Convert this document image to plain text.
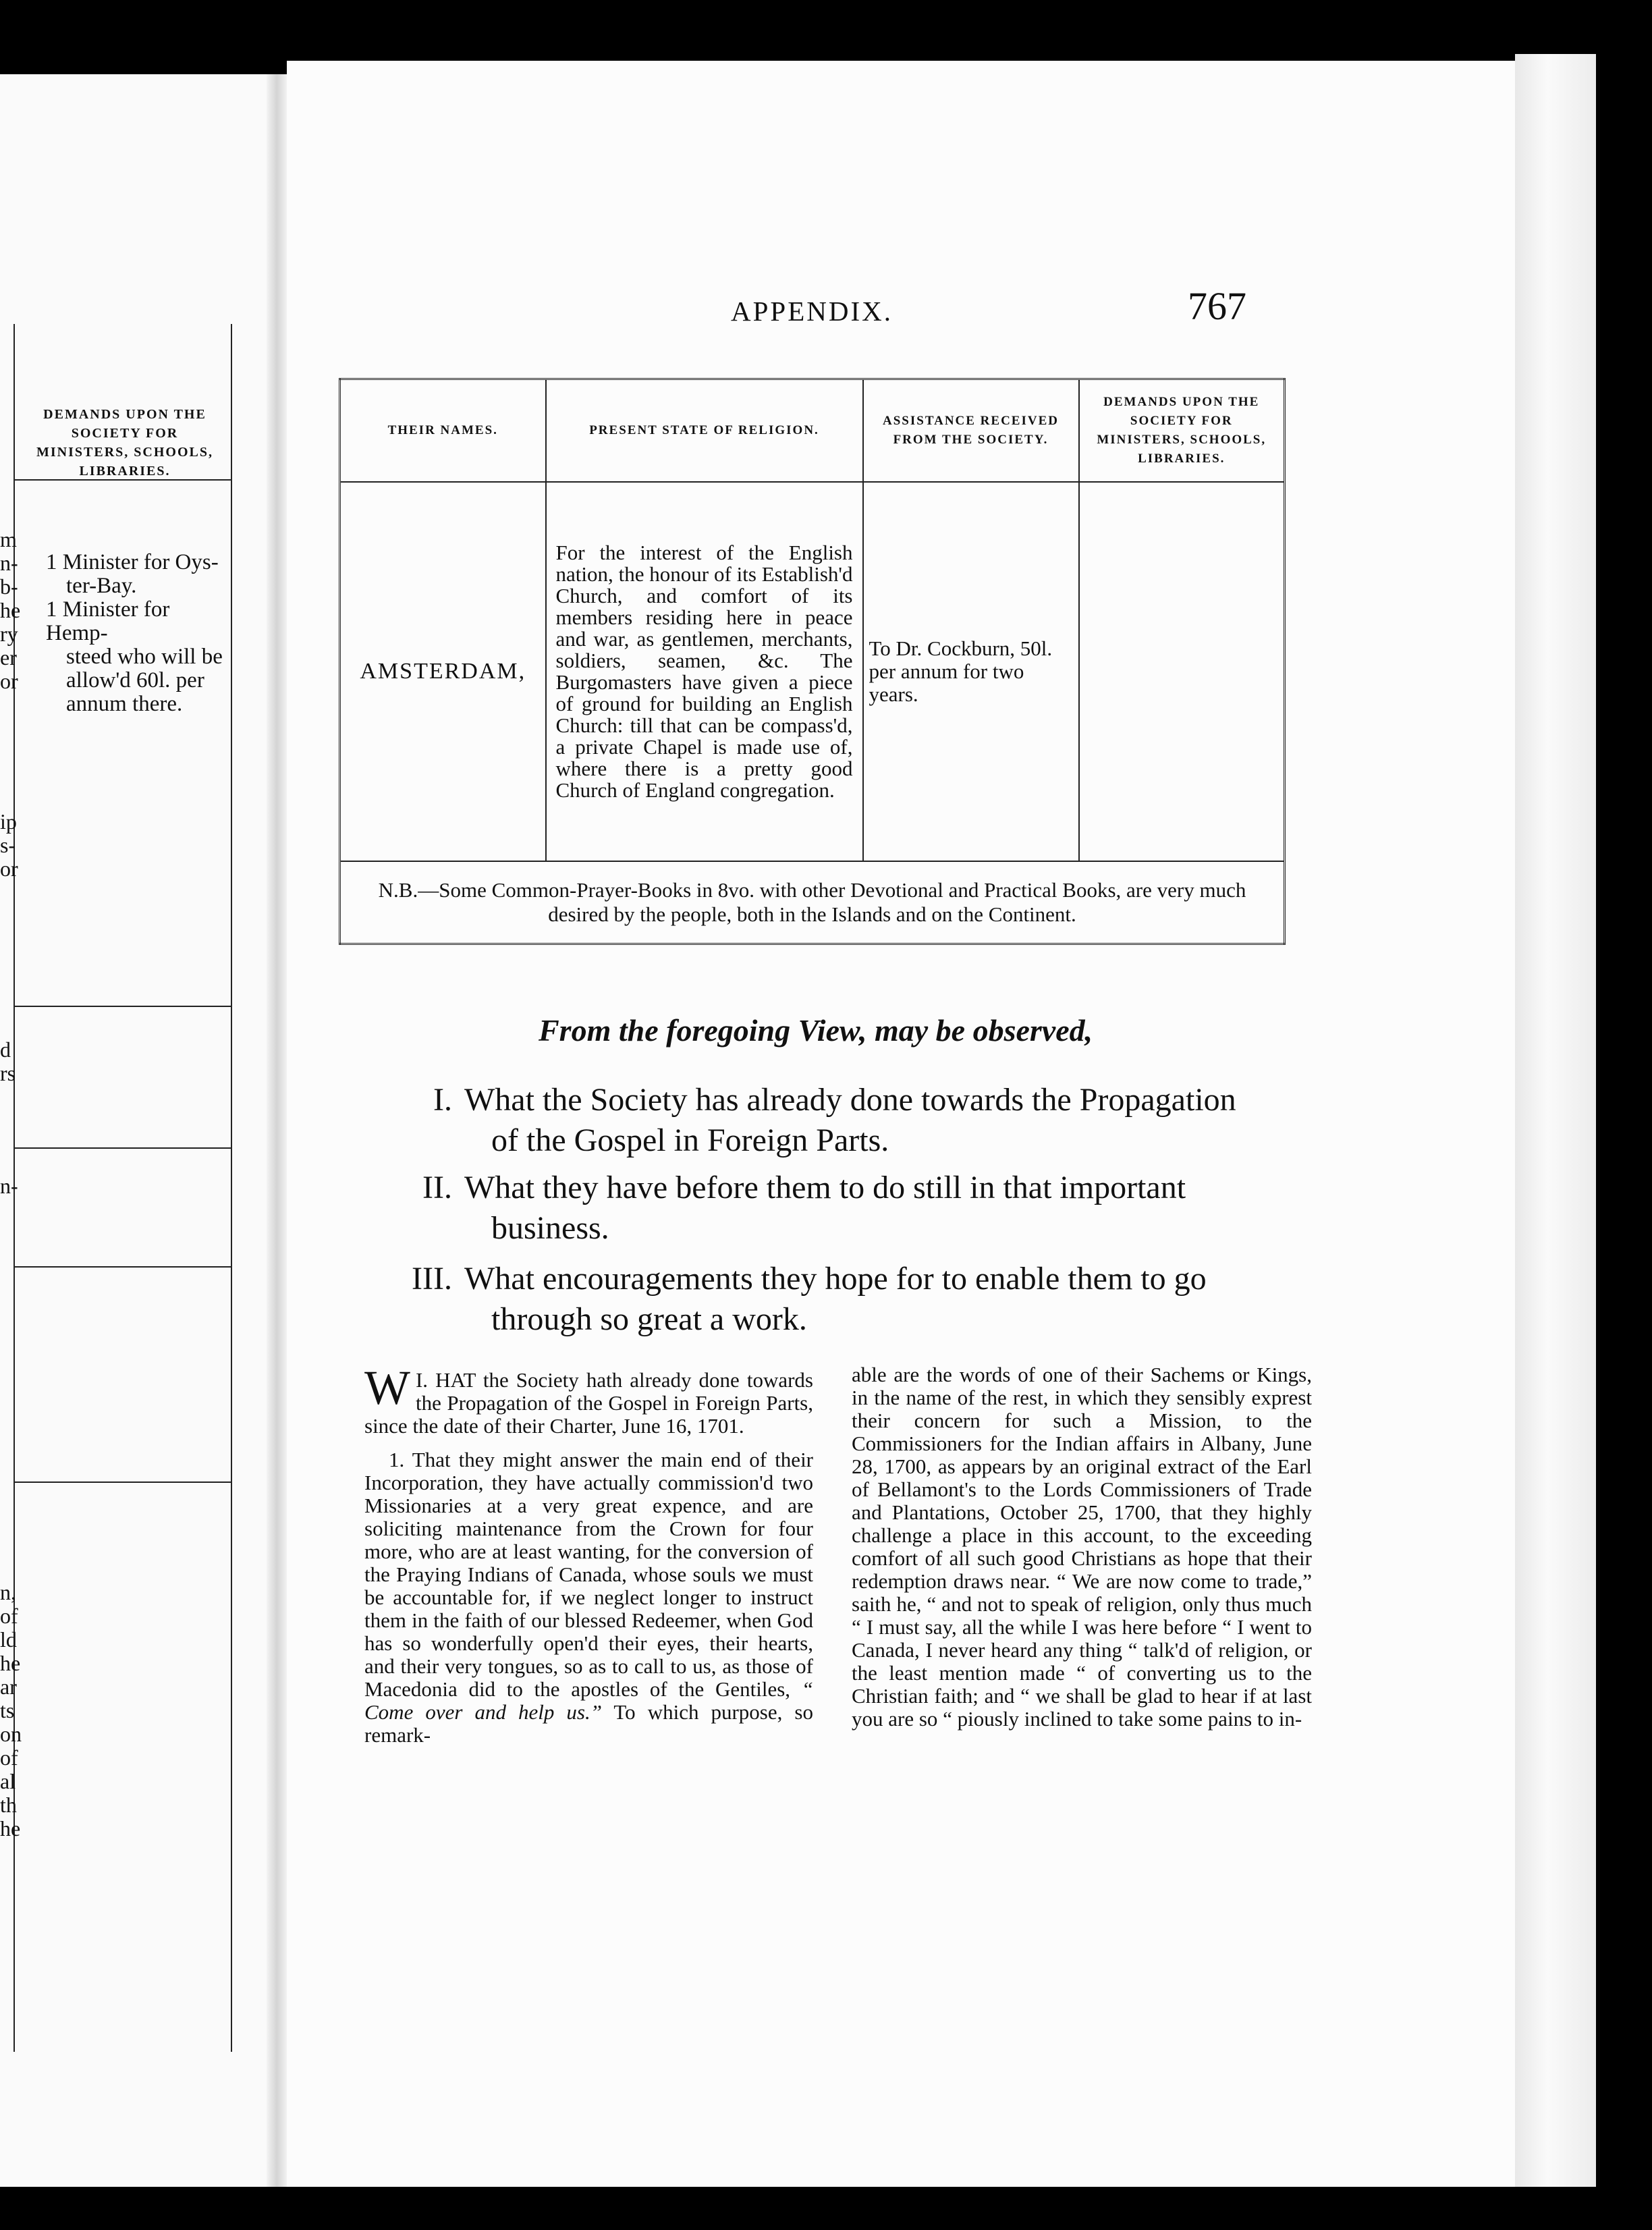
DEMANDS UPON THE SOCIETY FOR MINISTERS, SCHOOLS, LIBRARIES.
1 Minister for Oys-
ter-Bay.
1 Minister for Hemp-
steed who will be
allow'd 60l. per
annum there.
m
n-
b-
he
ry
er
or
ip
s-
or
d
rs
n-
n,
of
ld
he
ar
ts
on
of
al
th
he
APPENDIX.	767
THEIR NAMES.	PRESENT STATE OF RELIGION.	ASSISTANCE RECEIVED FROM THE SOCIETY.	DEMANDS UPON THE SOCIETY FOR MINISTERS, SCHOOLS, LIBRARIES.
AMSTERDAM,	For the interest of the English nation, the honour of its Establish'd Church, and comfort of its members residing here in peace and war, as gentlemen, merchants, soldiers, seamen, &c. The Burgomasters have given a piece of ground for building an English Church: till that can be compass'd, a private Chapel is made use of, where there is a pretty good Church of England congregation.	To Dr. Cockburn, 50l. per annum for two years.	
N.B.—Some Common-Prayer-Books in 8vo. with other Devotional and Practical Books, are very much desired by the people, both in the Islands and on the Continent.			
From the foregoing View, may be observed,
I. What the Society has already done towards the Propagation
of the Gospel in Foreign Parts.
II. What they have before them to do still in that important
business.
III. What encouragements they hope for to enable them to go
through so great a work.

I.
W HAT the Society hath already done towards the Propagation of the Gospel in Foreign Parts, since the date of their Charter, June 16, 1701.

1. That they might answer the main end of their Incorporation, they have actually commission'd two Missionaries at a very great expence, and are soliciting maintenance from the Crown for four more, who are at least wanting, for the conversion of the Praying Indians of Canada, whose souls we must be accountable for, if we neglect longer to instruct them in the faith of our blessed Redeemer, when God has so wonderfully open'd their eyes, their hearts, and their very tongues, so as to call to us, as those of Macedonia did to the apostles of the Gentiles, “ Come over and help us.” To which purpose, so remark-

able are the words of one of their Sachems or Kings, in the name of the rest, in which they sensibly exprest their concern for such a Mission, to the Commissioners for the Indian affairs in Albany, June 28, 1700, as appears by an original extract of the Earl of Bellamont's to the Lords Commissioners of Trade and Plantations, October 25, 1700, that they highly challenge a place in this account, to the exceeding comfort of all such good Christians as hope that their redemption draws near. “ We are now come to trade,” saith he, “ and not to speak of religion, only thus much “ I must say, all the while I was here before “ I went to Canada, I never heard any thing “ talk'd of religion, or the least mention made “ of converting us to the Christian faith; and “ we shall be glad to hear if at last you are so “ piously inclined to take some pains to in-
